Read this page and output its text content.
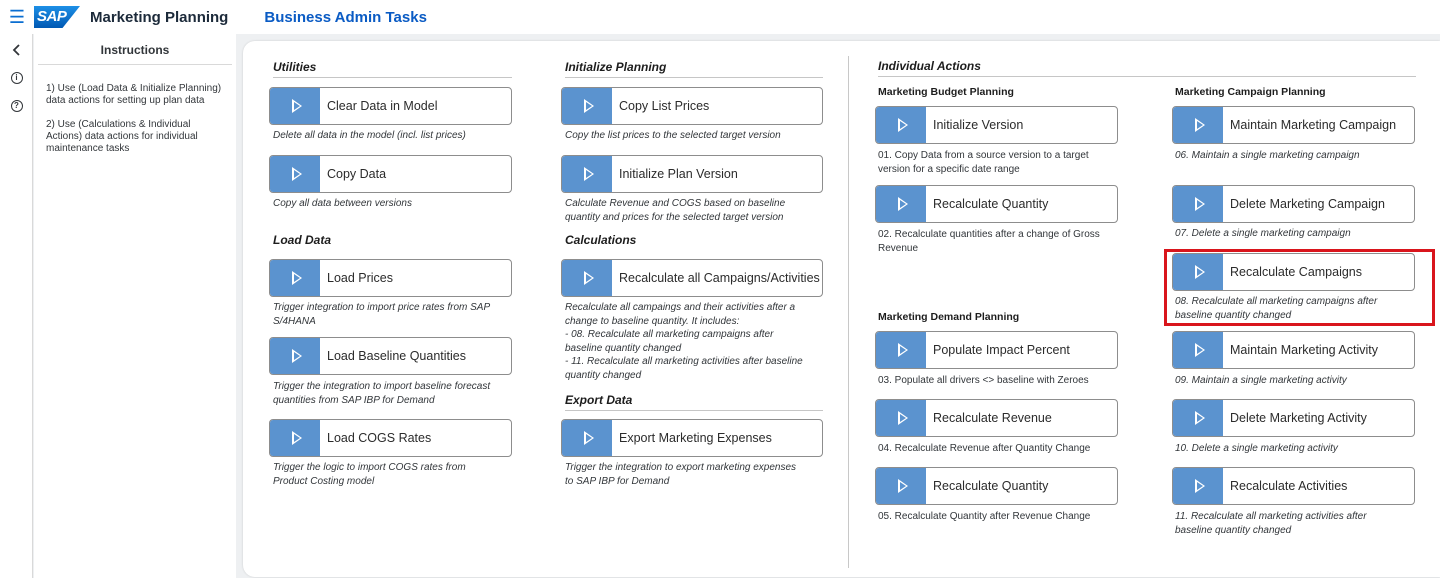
☰ SAP Marketing Planning Business Admin Tasks
i
?
Instructions

1) Use (Load Data & Initialize Planning) data actions for setting up plan data

2) Use (Calculations & Individual Actions) data actions for individual maintenance tasks

Utilities
Clear Data in Model
Delete all data in the model (incl. list prices)
Copy Data
Copy all data between versions
Load Data
Load Prices
Trigger integration to import price rates from SAP
S/4HANA
Load Baseline Quantities
Trigger the integration to import baseline forecast
quantities from SAP IBP for Demand
Load COGS Rates
Trigger the logic to import COGS rates from
Product Costing model
Initialize Planning
Copy List Prices
Copy the list prices to the selected target version
Initialize Plan Version
Calculate Revenue and COGS based on baseline
quantity and prices for the selected target version
Calculations
Recalculate all Campaigns/Activities
Recalculate all campaings and their activities after a
change to baseline quantity. It includes:
- 08. Recalculate all marketing campaigns after
baseline quantity changed
- 11. Recalculate all marketing activities after baseline
quantity changed
Export Data
Export Marketing Expenses
Trigger the integration to export marketing expenses
to SAP IBP for Demand
Individual Actions
Marketing Budget Planning	Marketing Campaign Planning
Initialize Version
01. Copy Data from a source version to a target
version for a specific date range
Recalculate Quantity
02. Recalculate quantities after a change of Gross
Revenue
Marketing Demand Planning
Populate Impact Percent
03. Populate all drivers <> baseline with Zeroes
Recalculate Revenue
04. Recalculate Revenue after Quantity Change
Recalculate Quantity
05. Recalculate Quantity after Revenue Change
Maintain Marketing Campaign
06. Maintain a single marketing campaign
Delete Marketing Campaign
07. Delete a single marketing campaign
Recalculate Campaigns
08. Recalculate all marketing campaigns after
baseline quantity changed
Maintain Marketing Activity
09. Maintain a single marketing activity
Delete Marketing Activity
10. Delete a single marketing activity
Recalculate Activities
11. Recalculate all marketing activities after
baseline quantity changed
